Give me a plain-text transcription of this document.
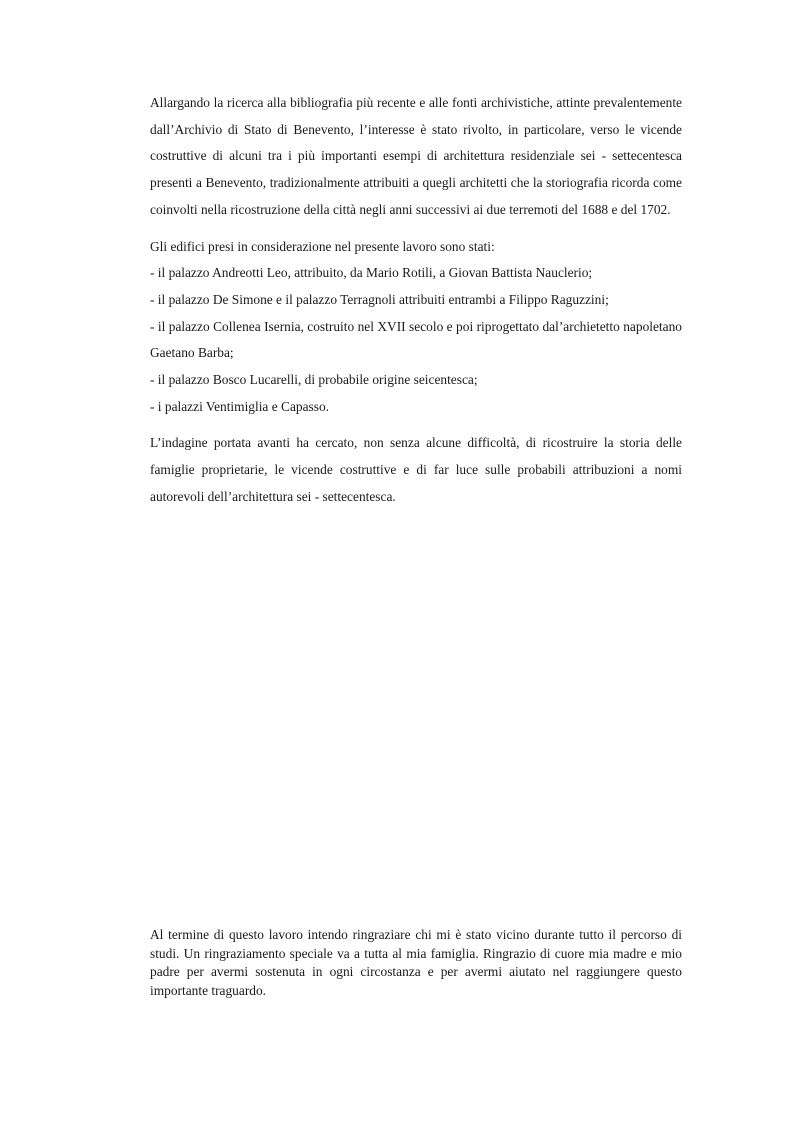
Allargando la ricerca alla bibliografia più recente e alle fonti archivistiche, attinte prevalentemente dall’Archivio di Stato di Benevento, l’interesse è stato rivolto, in particolare, verso le vicende costruttive di alcuni tra i più importanti esempi di architettura residenziale sei - settecentesca presenti a Benevento, tradizionalmente attribuiti a quegli architetti che la storiografia ricorda come coinvolti nella ricostruzione della città negli anni successivi ai due terremoti del 1688 e del 1702.

Gli edifici presi in considerazione nel presente lavoro sono stati:

- il palazzo Andreotti Leo, attribuito, da Mario Rotili, a Giovan Battista Nauclerio;
- il palazzo De Simone e il palazzo Terragnoli attribuiti entrambi a Filippo Raguzzini;
- il palazzo Collenea Isernia, costruito nel XVII secolo e poi riprogettato dal’archietetto napoletano Gaetano Barba;
- il palazzo Bosco Lucarelli, di probabile origine seicentesca;
- i palazzi Ventimiglia e Capasso.

L’indagine portata avanti ha cercato, non senza alcune difficoltà, di ricostruire la storia delle famiglie proprietarie, le vicende costruttive e di far luce sulle probabili attribuzioni a nomi autorevoli dell’architettura sei - settecentesca.

Al termine di questo lavoro intendo ringraziare chi mi è stato vicino durante tutto il percorso di studi. Un ringraziamento speciale va a tutta al mia famiglia. Ringrazio di cuore mia madre e mio padre per avermi sostenuta in ogni circostanza e per avermi aiutato nel raggiungere questo importante traguardo.
